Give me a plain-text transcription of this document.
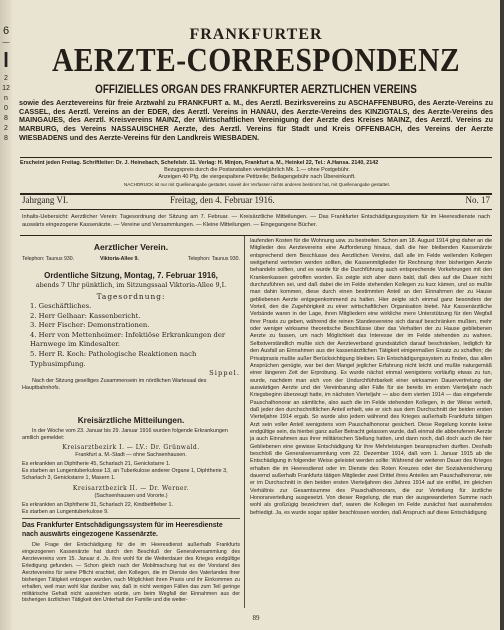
6
—
l
2
12
n
0
8
2
8
FRANKFURTER
AERZTE-CORRESPONDENZ
OFFIZIELLES ORGAN DES FRANKFURTER AERZTLICHEN VEREINS
sowie des Aerztevereins für freie Arztwahl zu FRANKFURT a. M., des Aerztl. Bezirksvereins zu ASCHAFFENBURG, des Aerzte-Vereins zu CASSEL, des Aerztl. Vereins an der EDER, des Aerztl. Vereins in HANAU, des Aerzte-Vereins des KINZIGTALS, des Aerzte-Vereins des MAINGAUES, des Aerztl. Kreisvereins MAINZ, der Wirtschaftlichen Vereinigung der Aerzte des Kreises MAINZ, des Aerztl. Vereins zu MARBURG, des Vereins NASSAUISCHER Aerzte, des Aerztl. Vereins für Stadt und Kreis OFFENBACH, des Vereins der Aerzte WIESBADENS und des Aerzte-Vereins für den Landkreis WIESBADEN.

Erscheint jeden Freitag. Schriftleiter: Dr. J. Heinebach, Schefelstr. 11. Verlag: H. Minjon, Frankfurt a. M., Heinkel 22, Tel.: A.Hansa. 2140, 2142

Bezugspreis durch die Postanstalten vierteljährlich Mk. 1.— ohne Postgebühr.

Anzeigen 40 Pfg. die viergespaltene Petitzeile; Beilagengebühr nach Übereinkunft.

NACHDRUCK ist nur mit Quellenangabe gestattet, soweit der Verfasser nichts anderes bestimmt hat, mit Quellenangabe gestattet.

Jahrgang VI.	Freitag, den 4. Februar 1916.	No. 17
Inhalts-Uebersicht: Aerztlicher Verein: Tagesordnung der Sitzung am 7. Februar. — Kreisärztliche Mitteilungen. — Das Frankfurter Entschädigungssystem für im Heeresdienste nach auswärts eingezogene Kassenärzte. — Vereine und Versammlungen. — Kleine Mitteilungen. — Eingegangene Bücher.

Aerztlicher Verein.

Telephon: Taunus 930.	Viktoria-Allee 9.	Telephon: Taunus 930.

Ordentliche Sitzung, Montag, 7. Februar 1916,

abends 7 Uhr pünktlich, im Sitzungssaal Viktoria-Allee 9,I.

Tagesordnung:

1. Geschäftliches.

2. Herr Gelhaar: Kassenbericht.

3. Herr Fischer: Demonstrationen.

4. Herr von Mettenheimer: Infektiöse Erkrankungen der Harnwege im Kindesalter.

5. Herr R. Koch: Pathologische Reaktionen nach Typhusimpfung.

Sippel.

Nach der Sitzung geselliges Zusammensein im nördlichen Wartesaal des Hauptbahnhofs.

Kreisärztliche Mitteilungen.

In der Woche vom 23. Januar bis 29. Januar 1916 wurden folgende Erkrankungen amtlich gemeldet:

Kreisarztbezirk I. — LV.: Dr. Grünwald.

Frankfurt a. M.-Stadt — ohne Sachsenhausen.

Es erkrankten an Diphtherie 45, Scharlach 21, Genickstarre 1.

Es starben an Lungentuberkulose 13, an Tuberkulose anderer Organe 1, Diphtherie 3, Scharlach 3, Genickstarre 1, Masern 1.

Kreisarztbezirk II. — Dr. Werner.

(Sachsenhausen und Vororte.)

Es erkrankten an Diphtherie 31, Scharlach 22, Kindbettfieber 1.

Es starben an Lungentuberkulose 9.

Das Frankfurter Entschädigungssystem für im Heeresdienste nach auswärts eingezogene Kassenärzte.

Die Frage der Entschädigung für die im Heeresdienst außerhalb Frankfurts eingezogenen Kassenärzte hat durch den Beschluß der Generalversammlung des Aerztevereins vom 15. Januar d. Js. ihre wohl für die Weiterdauer des Krieges endgültige Erledigung gefunden. — Schon gleich nach der Mobilmachung hat es der Vorstand des Aerztevereins für seine Pflicht erachtet, den Kollegen, die im Dienste des Vaterlandes ihrer bisherigen Tätigkeit entzogen wurden, nach Möglichkeit ihren Praxis und ihr Einkommen zu erhalten, weil man wohl klar darüber war, daß in nicht wenigen Fällen das zum Teil geringe militärische Gehalt nicht ausreichen würde, um beim Wegfall der Einnahmen aus der bisherigen ärztlichen Tätigkeit den Unterhalt der Familie und die weiter-

laufenden Kosten für die Wohnung usw. zu bestreiten. Schon am 18. August 1914 ging daher an die Mitglieder des Aerztevereins eine Aufforderung hinaus, daß die hier bleibenden Kassenärzte entsprechend dem Beschlusse des Aerztlichen Vereins, daß alle im Felde weilenden Kollegen weitgehend vertreten werden sollten, die Kassenmitglieder für Rechnung ihrer bisherigen Aerzte behandeln sollten, und es wurde für die Durchführung auch entsprechende Vorkehrungen mit den Krankenkassen getroffen worden. Es zeigte sich aber dann bald, daß dies auf die Dauer nicht durchzuführen sei, und daß dabei die im Felde stehenden Kollegen zu kurz kämen, und so mußte man dahin kommen, diese durch einen bestimmten Anteil an den Einnahmen der zu Hause gebliebenen Aerzte entgegenkommend zu halten. Hier zeigte sich einmal ganz besonders der Vorteil, den die Zugehörigkeit zu einer wirtschaftlichen Organisation bietet. Nur Kassenärztliche Verbände waren in der Lage, ihren Mitgliedern eine wirkliche mere Unterstützung für den Wegfall ihrer Praxis zu geben, während die reinen Standesvereine sich darauf beschränken mußten, mehr oder weniger wirksame theoretische Beschlüsse über das Verhalten der zu Hause gebliebenen Aerzte zu fassen, um nach Möglichkeit das Interesse der im Felde stehenden zu wahren. Selbstverständlich mußte sich der Aerzteverband grundsätzlich darauf beschränken, lediglich für den Ausfall an Einnahmen aus der kassenärztlichen Tätigkeit einigermaßen Ersatz zu schaffen; die Privatpraxis mußte außer Berücksichtigung bleiben. Ein Entschädigungssystem zu finden, das allen Ansprüchen genügte, war bei den Mangel jeglicher Erfahrung nicht leicht und mußte naturgemäß einer längeren Zeit der Erprobung. Es wurde nächst einmal wenigstens vorläufig etwas zu tun, wurde, nachdem man sich von der Undurchführbarkeit einer wirksamen Dauervertretung der auswärtigen Aerzte und der Vereinbarung aller Fälle für sie bereits im ersten Vierteljahr nach Kriegsbeginn überzeugt hatte, im nächsten Vierteljahr — also dem vierten 1914 — das eingehende Pauschalhonorar an sämtliche, also auch die im Felde stehenden Kollegen, in der Weise verteilt, daß jeder den durchschnittlichen Anteil erhielt, wie er sich aus dem Durchschnitt der beiden ersten Vierteljahre 1914 ergab. So wurde also jedem während des Krieges außerhalb Frankfurts tätigen Arzt sein voller Anteil wenigstens vom Pauschalhonorar gesichert. Diese Regelung konnte keine endgültige sein, da hierbei ganz außer Betracht gelassen wurde, daß einmal die abberufenen Aerzte ja auch Einnahmen aus ihrer militärischen Stellung hatten, und dann noch, daß doch auch die hier Gebliebenen eine gewisse Entschädigung für ihre Mehrleistungen beanspruchen durften. Deshalb beschloß die Generalversammlung vom 22. Dezember 1914, daß vom 1. Januar 1915 ab die Entschädigung in folgender Weise geleistet werden sollte: Während der weiteren Dauer des Krieges erhalten die im Heeresdienst oder im Dienste des Roten Kreuzes oder der Sozialversicherung dauernd außerhalb Frankfurts tätigen Mitglieder zwei Drittel ihres Anteiles am Pauschalhonorar, wie er im Durchschnitt in den beiden ersten Vierteljahren des Jahres 1914 auf sie entfiel, im gleichen Verhältnis zur Gesamtsumme des Pauschalhonorars, die zur Verteilung für ärztliche Honorarverteilung ausgesetzt. Von dieser Regelung, die man der ausgewanderten Summe nach wohl als großzügig bezeichnen darf, waren die Kollegen im Felde zunächst fast ausnahmslos befriedigt. Ja, es wurde sogar später beschlossen worden, daß Anspruch auf diese Entschädigung

89
